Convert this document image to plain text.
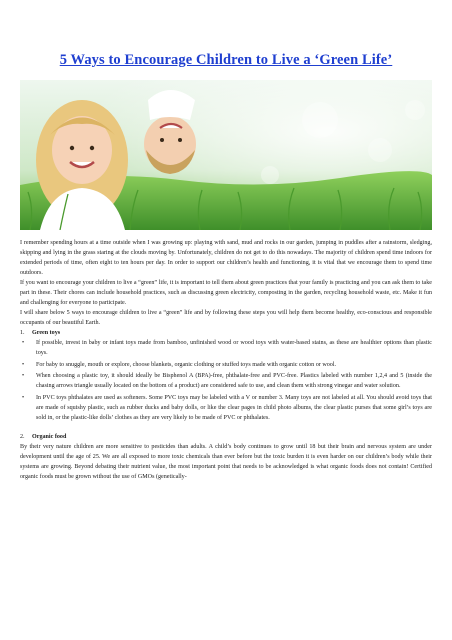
5 Ways to Encourage Children to Live a ‘Green Life’

I remember spending hours at a time outside when I was growing up: playing with sand, mud and rocks in our garden, jumping in puddles after a rainstorm, sledging, skipping and lying in the grass staring at the clouds moving by. Unfortunately, children do not get to do this nowadays. The majority of children spend time indoors for extended periods of time, often eight to ten hours per day. In order to support our children’s health and functioning, it is vital that we encourage them to spend time outdoors.

If you want to encourage your children to live a “green” life, it is important to tell them about green practices that your family is practicing and you can ask them to take part in these. Their chores can include household practices, such as discussing green electricity, composting in the garden, recycling household waste, etc. Make it fun and challenging for everyone to participate.

I will share below 5 ways to encourage children to live a “green” life and by following these steps you will help them become healthy, eco-conscious and responsible occupants of our beautiful Earth.

1. Green toys

• If possible, invest in baby or infant toys made from bamboo, unfinished wood or wood toys with water-based stains, as these are healthier options than plastic toys.
• For baby to snuggle, mouth or explore, choose blankets, organic clothing or stuffed toys made with organic cotton or wool.
• When choosing a plastic toy, it should ideally be Bisphenol A (BPA)-free, phthalate-free and PVC-free. Plastics labeled with number 1,2,4 and 5 (inside the chasing arrows triangle usually located on the bottom of a product) are considered safe to use, and clean them with strong vinegar and water solution.
• In PVC toys phthalates are used as softeners. Some PVC toys may be labeled with a V or number 3. Many toys are not labeled at all. You should avoid toys that are made of squishy plastic, such as rubber ducks and baby dolls, or like the clear pages in child photo albums, the clear plastic purses that some girl’s toys are sold in, or the plastic-like dolls’ clothes as they are very likely to be made of PVC or phthalates.

2. Organic food

By their very nature children are more sensitive to pesticides than adults. A child’s body continues to grow until 18 but their brain and nervous system are under development until the age of 25. We are all exposed to more toxic chemicals than ever before but the toxic burden it is even harder on our children’s body while their systems are growing. Beyond debating their nutrient value, the most important point that needs to be acknowledged is what organic foods does not contain! Certified organic foods must be grown without the use of GMOs (genetically-
